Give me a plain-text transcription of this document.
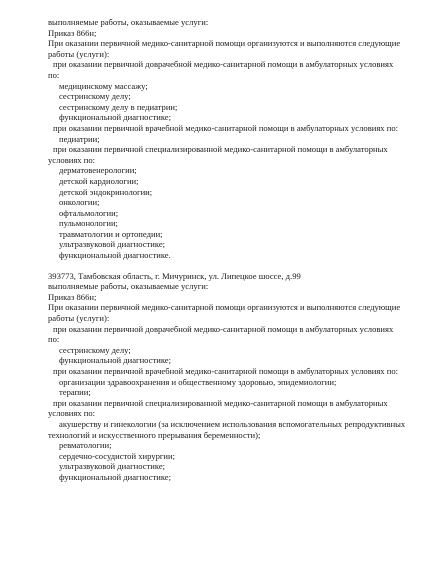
выполняемые работы, оказываемые услуги:
Приказ 866н;
При оказании первичной медико-санитарной помощи организуются и выполняются следующие
работы (услуги):
при оказании первичной доврачебной медико-санитарной помощи в амбулаторных условиях
по:
медицинскому массажу;
сестринскому делу;
сестринскому делу в педиатрии;
функциональной диагностике;
при оказании первичной врачебной медико-санитарной помощи в амбулаторных условиях по:
педиатрии;
при оказании первичной специализированной медико-санитарной помощи в амбулаторных
условиях по:
дерматовенерологии;
детской кардиологии;
детской эндокринологии;
онкологии;
офтальмологии;
пульмонологии;
травматологии и ортопедии;
ультразвуковой диагностике;
функциональной диагностике.
393773, Тамбовская область, г. Мичуринск, ул. Липецкое шоссе, д.99
выполняемые работы, оказываемые услуги:
Приказ 866н;
При оказании первичной медико-санитарной помощи организуются и выполняются следующие
работы (услуги):
при оказании первичной доврачебной медико-санитарной помощи в амбулаторных условиях
по:
сестринскому делу;
функциональной диагностике;
при оказании первичной врачебной медико-санитарной помощи в амбулаторных условиях по:
организации здравоохранения и общественному здоровью, эпидемиологии;
терапии;
при оказании первичной специализированной медико-санитарной помощи в амбулаторных
условиях по:
акушерству и гинекологии (за исключением использования вспомогательных репродуктивных
технологий и искусственного прерывания беременности);
ревматологии;
сердечно-сосудистой хирургии;
ультразвуковой диагностике;
функциональной диагностике;
